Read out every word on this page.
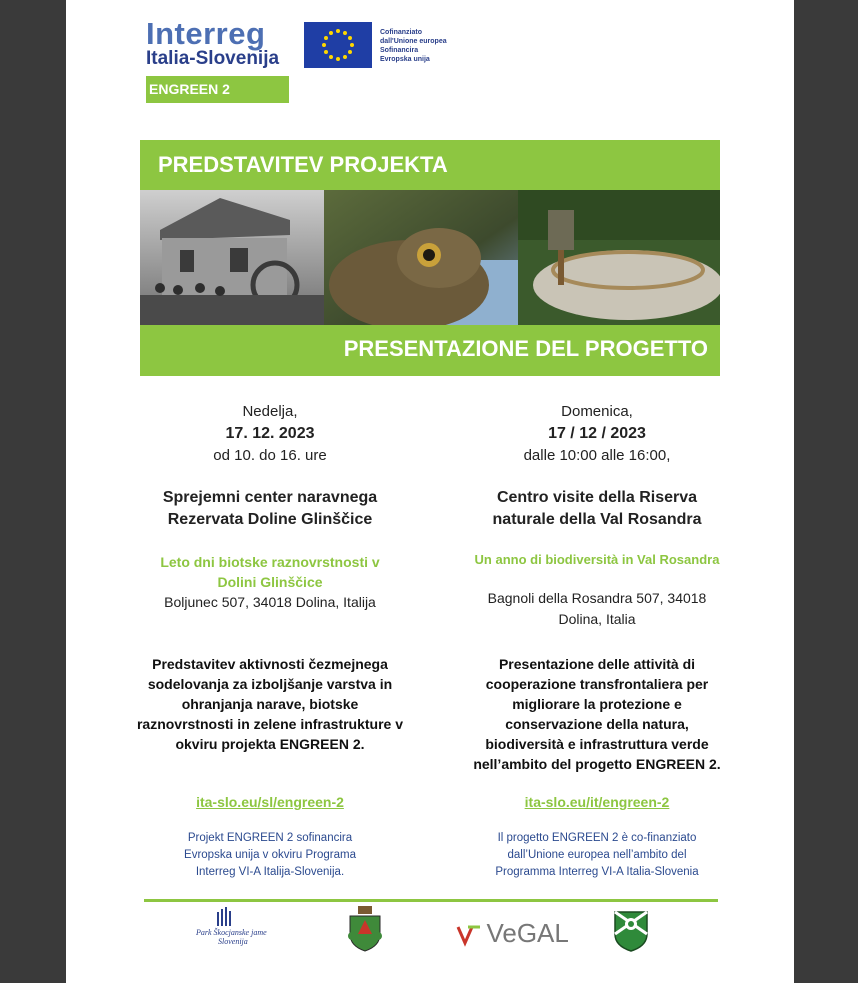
Interreg
Italia-Slovenija
Cofinanziato
dall'Unione europea
Sofinancira
Evropska unija
ENGREEN 2
PREDSTAVITEV PROJEKTA
PRESENTAZIONE DEL PROGETTO
Nedelja,
17. 12. 2023
od 10. do 16. ure
Sprejemni center naravnega
Rezervata Doline Glinščice
Leto dni biotske raznovrstnosti v
Dolini Glinščice
Boljunec 507, 34018 Dolina, Italija
Predstavitev aktivnosti čezmejnega
sodelovanja za izboljšanje varstva in
ohranjanja narave, biotske
raznovrstnosti in zelene infrastrukture v
okviru projekta ENGREEN 2.
ita-slo.eu/sl/engreen-2
Projekt ENGREEN 2 sofinancira
Evropska unija v okviru Programa
Interreg VI-A Italija-Slovenija.
Domenica,
17 / 12 / 2023
dalle 10:00 alle 16:00,
Centro visite della Riserva
naturale della Val Rosandra
Un anno di biodiversità in Val Rosandra
Bagnoli della Rosandra 507, 34018
Dolina, Italia
Presentazione delle attività di
cooperazione transfrontaliera per
migliorare la protezione e
conservazione della natura,
biodiversità e infrastruttura verde
nell’ambito del progetto ENGREEN 2.
ita-slo.eu/it/engreen-2
Il progetto ENGREEN 2 è co-finanziato
dall’Unione europea nell’ambito del
Programma Interreg VI-A Italia-Slovenia
Park Škocjanske jame
Slovenija	VeGAL
